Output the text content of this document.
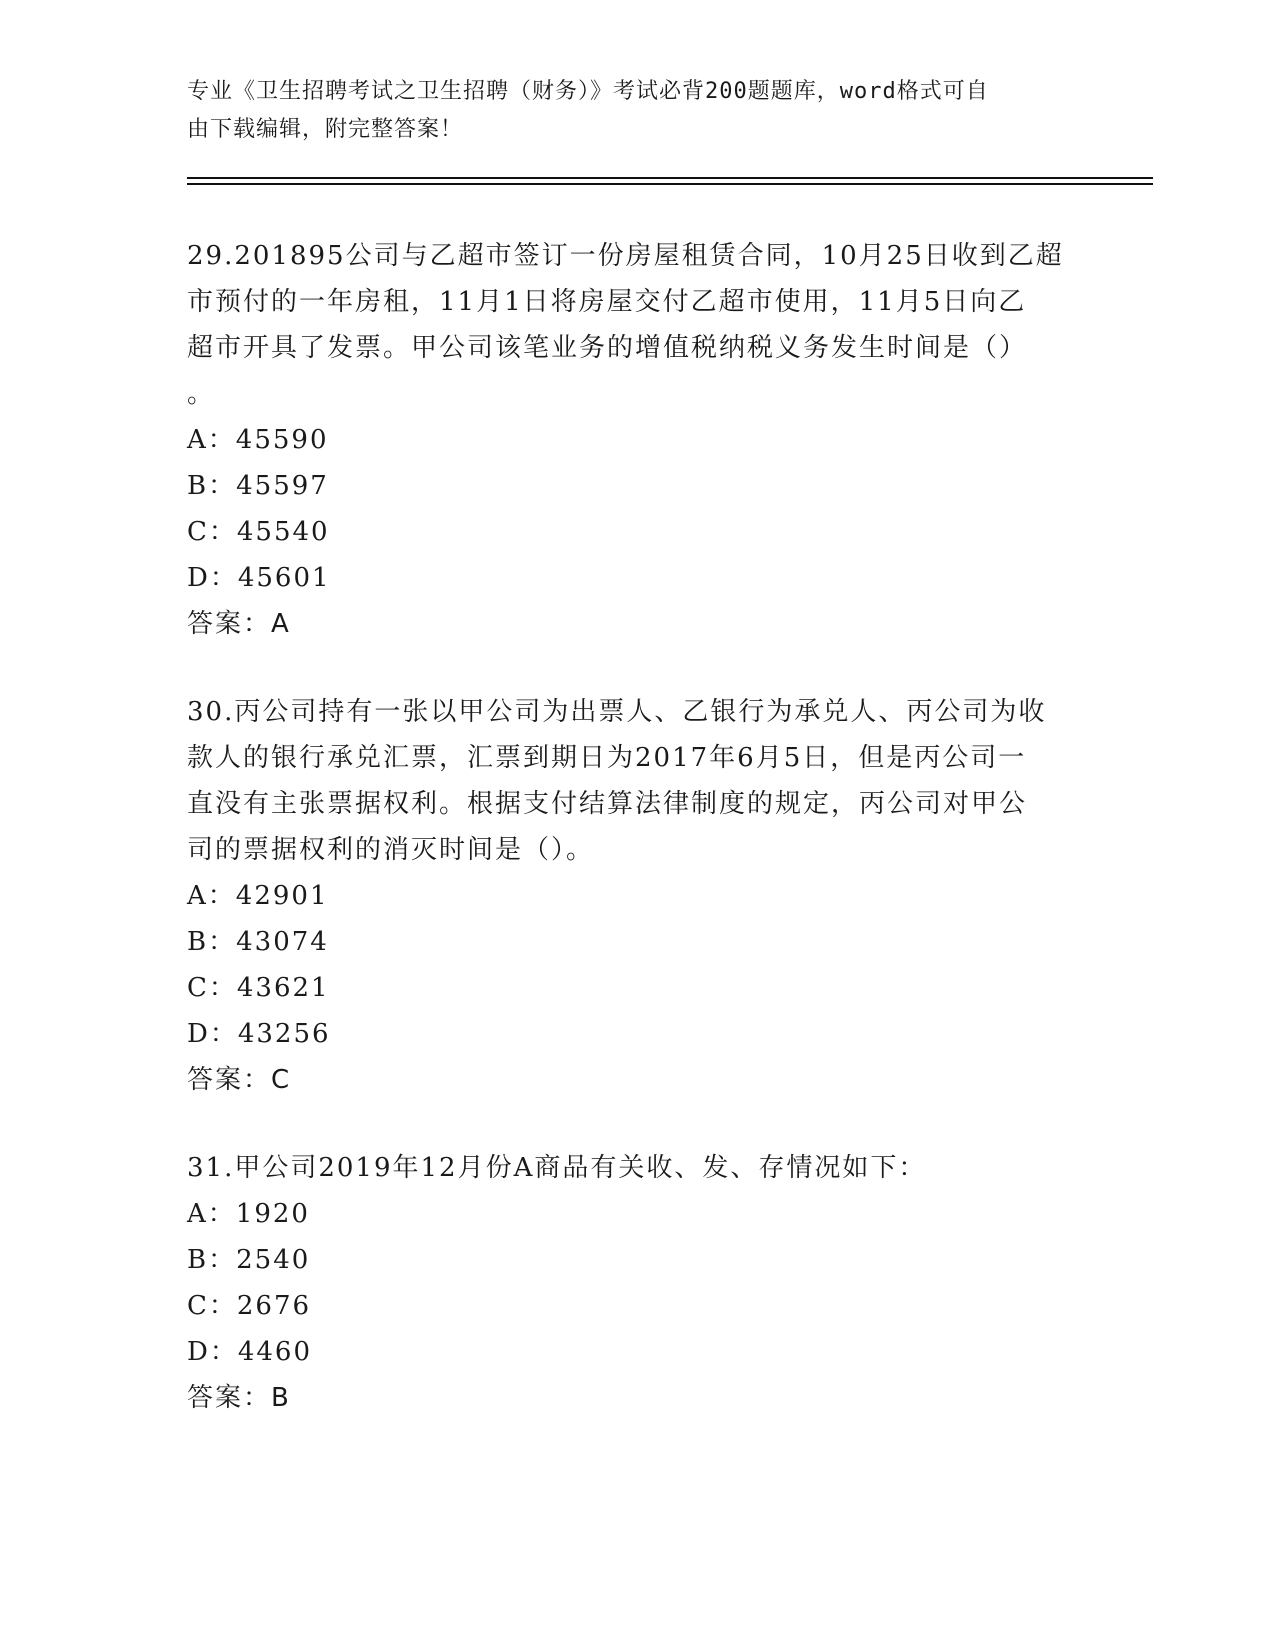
专业《卫生招聘考试之卫生招聘（财务）》考试必背200题题库，word格式可自
由下载编辑，附完整答案！
29.201895公司与乙超市签订一份房屋租赁合同，10月25日收到乙超
市预付的一年房租，11月1日将房屋交付乙超市使用，11月5日向乙
超市开具了发票。甲公司该笔业务的增值税纳税义务发生时间是（）
。
A：45590
B：45597
C：45540
D：45601
答案：A
30.丙公司持有一张以甲公司为出票人、乙银行为承兑人、丙公司为收
款人的银行承兑汇票，汇票到期日为2017年6月5日，但是丙公司一
直没有主张票据权利。根据支付结算法律制度的规定，丙公司对甲公
司的票据权利的消灭时间是（）。
A：42901
B：43074
C：43621
D：43256
答案：C
31.甲公司2019年12月份A商品有关收、发、存情况如下：
A：1920
B：2540
C：2676
D：4460
答案：B
